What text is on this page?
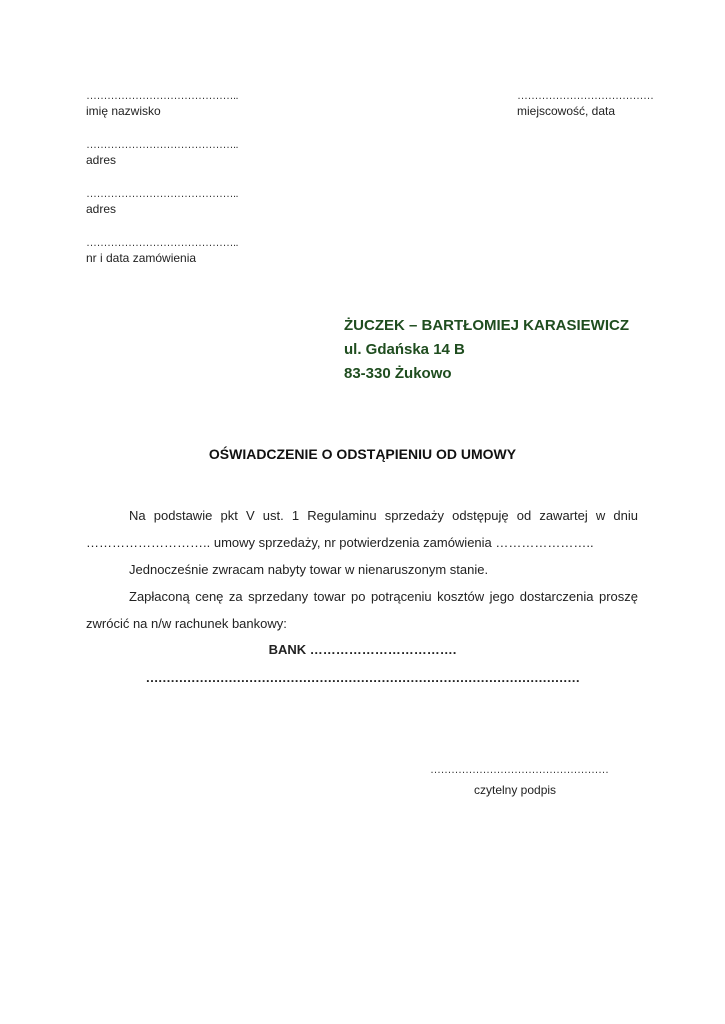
……………………………………..
imię nazwisko
……………………………………..
adres
……………………………………..
adres
……………………………………..
nr i data zamówienia
…………………………………
miejscowość, data
ŻUCZEK – BARTŁOMIEJ KARASIEWICZ
ul. Gdańska 14 B
83-330 Żukowo
OŚWIADCZENIE O ODSTĄPIENIU OD UMOWY
Na podstawie pkt V ust. 1 Regulaminu sprzedaży odstępuję od zawartej w dniu
……………………….. umowy sprzedaży, nr potwierdzenia zamówienia …………………..
Jednocześnie zwracam nabyty towar w nienaruszonym stanie.
Zapłaconą cenę za sprzedany towar po potrąceniu kosztów jego dostarczenia proszę
zwrócić na n/w rachunek bankowy:
BANK …………………………….
……………………………………………………………………………………………
……………………………………………
czytelny podpis
